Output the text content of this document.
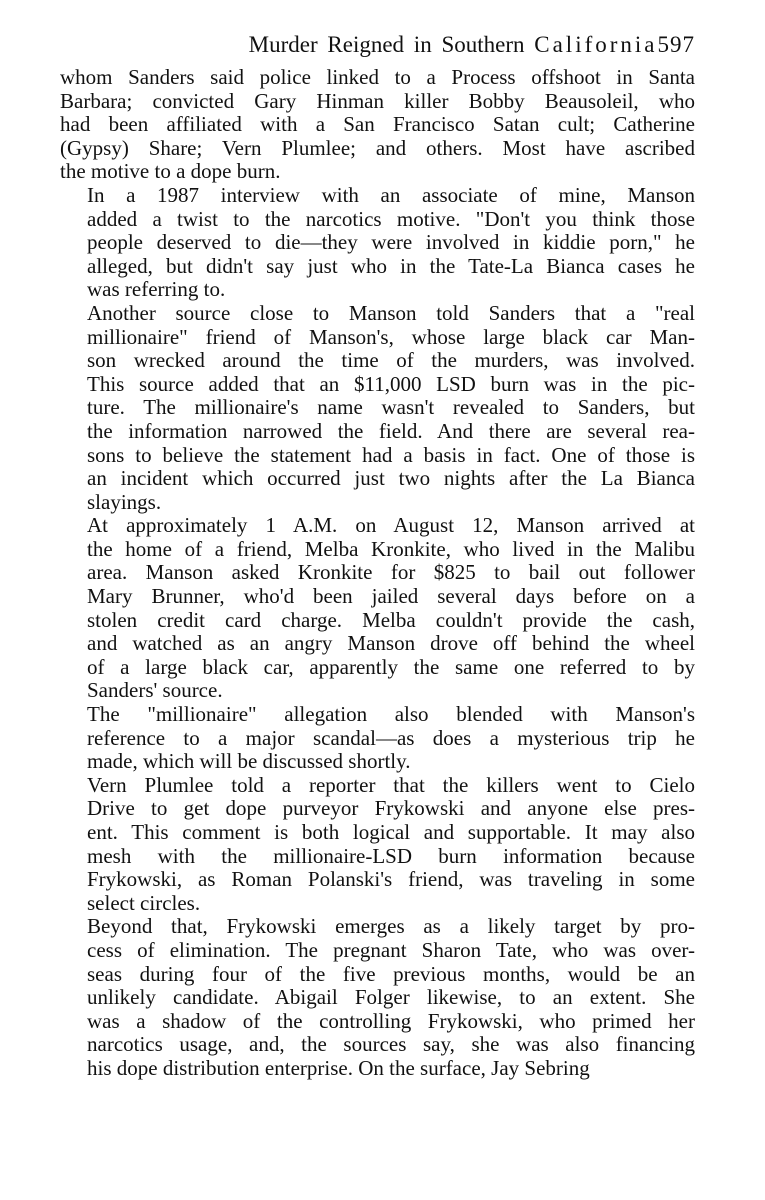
Murder Reigned in Southern California 597

whom Sanders said police linked to a Process offshoot in Santa
Barbara; convicted Gary Hinman killer Bobby Beausoleil, who
had been affiliated with a San Francisco Satan cult; Catherine
(Gypsy) Share; Vern Plumlee; and others. Most have ascribed
the motive to a dope burn.

In a 1987 interview with an associate of mine, Manson
added a twist to the narcotics motive. "Don't you think those
people deserved to die—they were involved in kiddie porn," he
alleged, but didn't say just who in the Tate-La Bianca cases he
was referring to.

Another source close to Manson told Sanders that a "real
millionaire" friend of Manson's, whose large black car Man-
son wrecked around the time of the murders, was involved.
This source added that an $11,000 LSD burn was in the pic-
ture. The millionaire's name wasn't revealed to Sanders, but
the information narrowed the field. And there are several rea-
sons to believe the statement had a basis in fact. One of those is
an incident which occurred just two nights after the La Bianca
slayings.

At approximately 1 A.M. on August 12, Manson arrived at
the home of a friend, Melba Kronkite, who lived in the Malibu
area. Manson asked Kronkite for $825 to bail out follower
Mary Brunner, who'd been jailed several days before on a
stolen credit card charge. Melba couldn't provide the cash,
and watched as an angry Manson drove off behind the wheel
of a large black car, apparently the same one referred to by
Sanders' source.

The "millionaire" allegation also blended with Manson's
reference to a major scandal—as does a mysterious trip he
made, which will be discussed shortly.

Vern Plumlee told a reporter that the killers went to Cielo
Drive to get dope purveyor Frykowski and anyone else pres-
ent. This comment is both logical and supportable. It may also
mesh with the millionaire-LSD burn information because
Frykowski, as Roman Polanski's friend, was traveling in some
select circles.

Beyond that, Frykowski emerges as a likely target by pro-
cess of elimination. The pregnant Sharon Tate, who was over-
seas during four of the five previous months, would be an
unlikely candidate. Abigail Folger likewise, to an extent. She
was a shadow of the controlling Frykowski, who primed her
narcotics usage, and, the sources say, she was also financing
his dope distribution enterprise. On the surface, Jay Sebring
